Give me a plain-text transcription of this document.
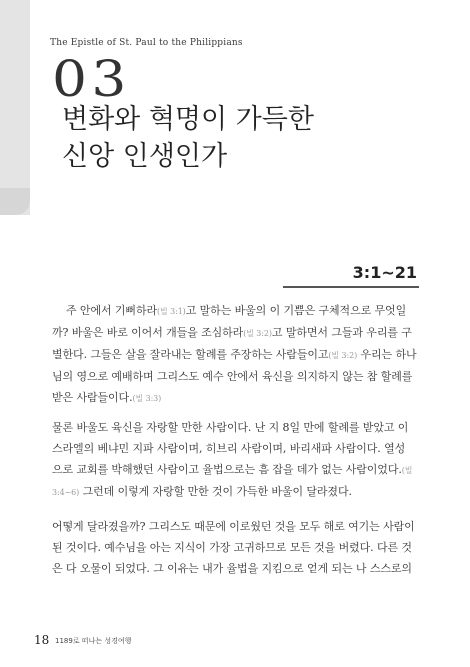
The Epistle of St. Paul to the Philippians
03
변화와 혁명이 가득한
신앙 인생인가
3:1~21
주 안에서 기뻐하라(빌 3:1)고 말하는 바울의 이 기쁨은 구체적으로 무엇일
까? 바울은 바로 이어서 개들을 조심하라(빌 3:2)고 말하면서 그들과 우리를 구
별한다. 그들은 살을 잘라내는 할례를 주장하는 사람들이고(빌 3:2) 우리는 하나
님의 영으로 예배하며 그리스도 예수 안에서 육신을 의지하지 않는 참 할례를
받은 사람들이다.(빌 3:3)
물론 바울도 육신을 자랑할 만한 사람이다. 난 지 8일 만에 할례를 받았고 이
스라엘의 베냐민 지파 사람이며, 히브리 사람이며, 바리새파 사람이다. 열성
으로 교회를 박해했던 사람이고 율법으로는 흠 잡을 데가 없는 사람이었다.(빌
3:4~6) 그런데 이렇게 자랑할 만한 것이 가득한 바울이 달라졌다.
어떻게 달라졌을까? 그리스도 때문에 이로웠던 것을 모두 해로 여기는 사람이
된 것이다. 예수님을 아는 지식이 가장 고귀하므로 모든 것을 버렸다. 다른 것
은 다 오물이 되었다. 그 이유는 내가 율법을 지킴으로 얻게 되는 나 스스로의
18 1189로 떠나는 성경여행
